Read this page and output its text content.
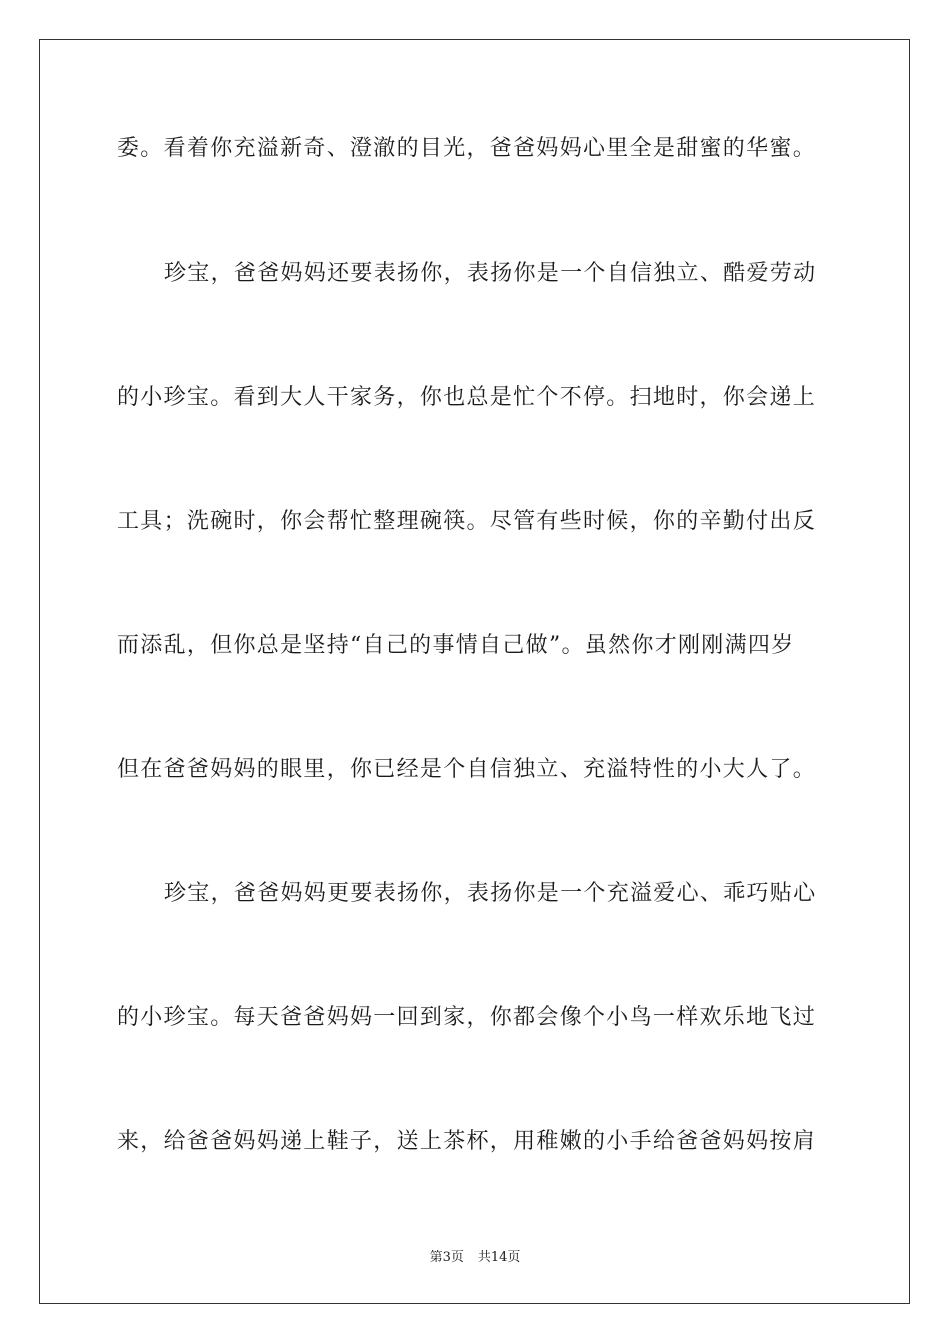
委。看着你充溢新奇、澄澈的目光，爸爸妈妈心里全是甜蜜的华蜜。
珍宝，爸爸妈妈还要表扬你，表扬你是一个自信独立、酷爱劳动
的小珍宝。看到大人干家务，你也总是忙个不停。扫地时，你会递上
工具；洗碗时，你会帮忙整理碗筷。尽管有些时候，你的辛勤付出反
而添乱，但你总是坚持“自己的事情自己做”。虽然你才刚刚满四岁
但在爸爸妈妈的眼里，你已经是个自信独立、充溢特性的小大人了。
珍宝，爸爸妈妈更要表扬你，表扬你是一个充溢爱心、乖巧贴心
的小珍宝。每天爸爸妈妈一回到家，你都会像个小鸟一样欢乐地飞过
来，给爸爸妈妈递上鞋子，送上茶杯，用稚嫩的小手给爸爸妈妈按肩
第3页 共14页
